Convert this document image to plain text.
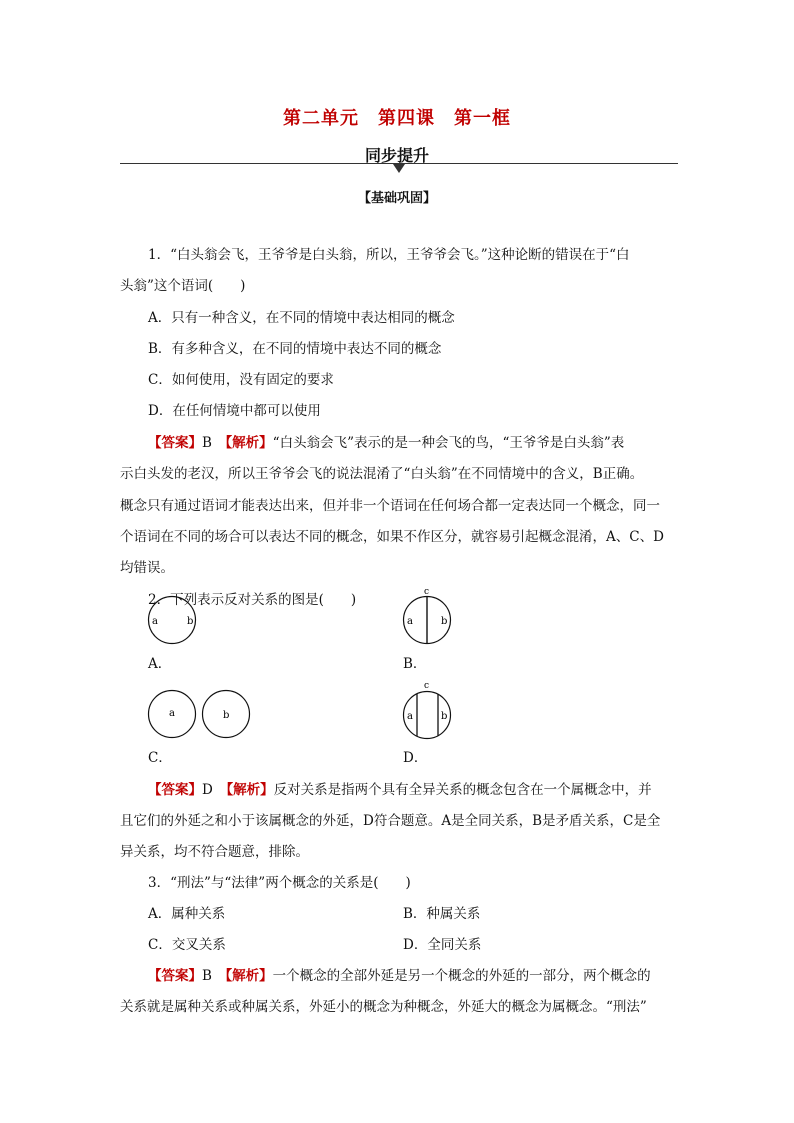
第二单元　第四课　第一框
同步提升
【基础巩固】
1．“白头翁会飞，王爷爷是白头翁，所以，王爷爷会飞。”这种论断的错误在于“白
头翁”这个语词(　　)
A．只有一种含义，在不同的情境中表达相同的概念
B．有多种含义，在不同的情境中表达不同的概念
C．如何使用，没有固定的要求
D．在任何情境中都可以使用
【答案】B　 【解析】“白头翁会飞”表示的是一种会飞的鸟，“王爷爷是白头翁”表
示白头发的老汉，所以王爷爷会飞的说法混淆了“白头翁”在不同情境中的含义，B正确。
概念只有通过语词才能表达出来，但并非一个语词在任何场合都一定表达同一个概念，同一
个语词在不同的场合可以表达不同的概念，如果不作区分，就容易引起概念混淆，A、C、D
均错误。
2．下列表示反对关系的图是(　　)
a	b
A．
c
a	b
B．
a	b
C．
c
a	b
D．
【答案】D　 【解析】反对关系是指两个具有全异关系的概念包含在一个属概念中，并
且它们的外延之和小于该属概念的外延，D符合题意。A是全同关系，B是矛盾关系，C是全
异关系，均不符合题意，排除。
3．“刑法”与“法律”两个概念的关系是(　　)
A．属种关系	B．种属关系
C．交叉关系	D．全同关系
【答案】B　 【解析】一个概念的全部外延是另一个概念的外延的一部分，两个概念的
关系就是属种关系或种属关系，外延小的概念为种概念，外延大的概念为属概念。“刑法”
